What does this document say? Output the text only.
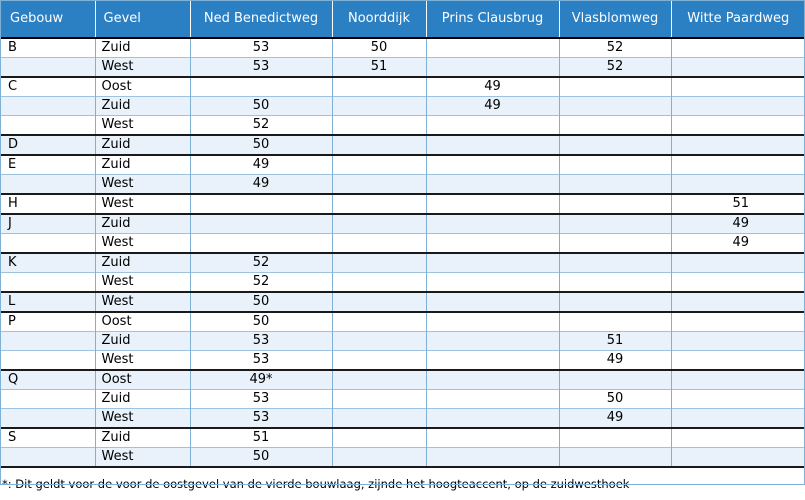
Gebouw	Gevel	Ned Benedictweg	Noorddijk	Prins Clausbrug	Vlasblomweg	Witte Paardweg
B	Zuid	53	50		52	
	West	53	51		52	
C	Oost			49		
	Zuid	50		49		
	West	52				
D	Zuid	50				
E	Zuid	49				
	West	49				
H	West					51
J	Zuid					49
	West					49
K	Zuid	52				
	West	52				
L	West	50				
P	Oost	50				
	Zuid	53			51	
	West	53			49	
Q	Oost	49*				
	Zuid	53			50	
	West	53			49	
S	Zuid	51				
	West	50				
*: Dit geldt voor de voor de oostgevel van de vierde bouwlaag, zijnde het hoogteaccent, op de zuidwesthoek						
